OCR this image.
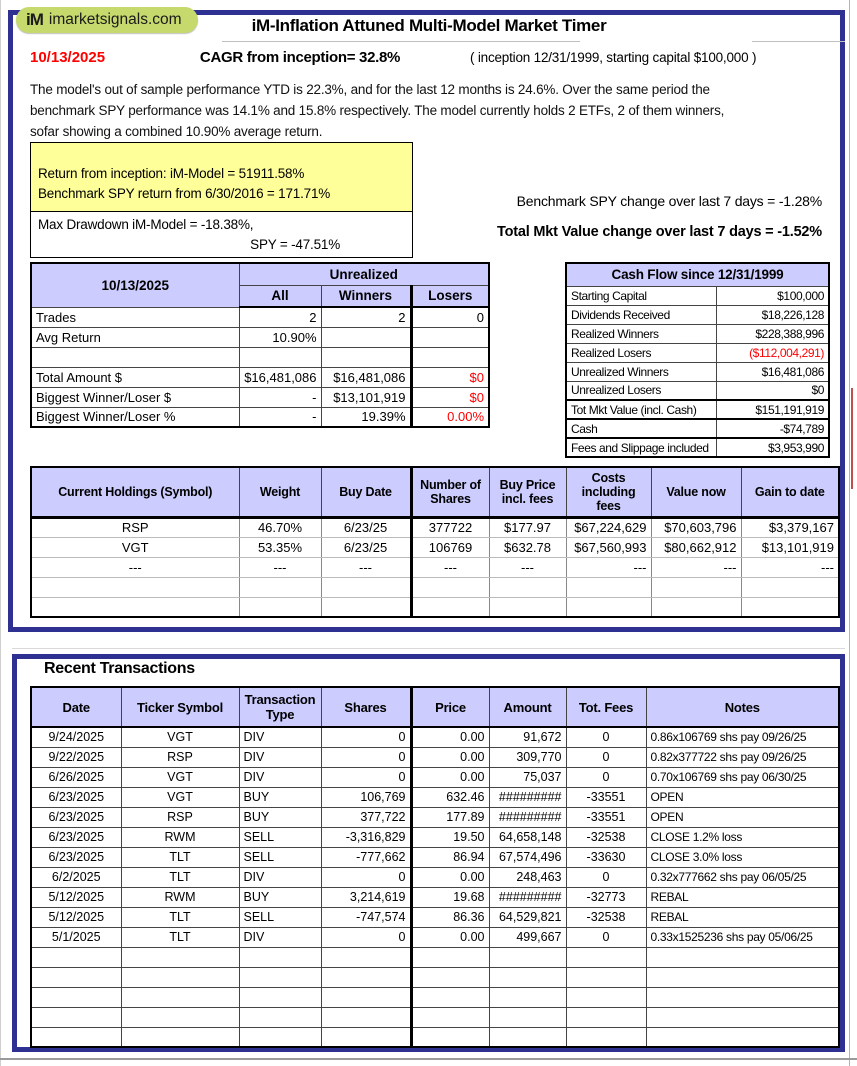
iM imarketsignals.com	iM-Inflation Attuned Multi-Model Market Timer
10/13/2025	CAGR from inception= 32.8%	( inception 12/31/1999, starting capital $100,000 )
The model's out of sample performance YTD is 22.3%, and for the last 12 months is 24.6%. Over the same period the
benchmark SPY performance was 14.1% and 15.8% respectively. The model currently holds 2 ETFs, 2 of them winners,
sofar showing a combined 10.90% average return.
Return from inception: iM-Model = 51911.58%
Benchmark SPY return from 6/30/2016 = 171.71%
Max Drawdown iM-Model = -18.38%,
SPY = -47.51%
Benchmark SPY change over last 7 days = -1.28%
Total Mkt Value change over last 7 days = -1.52%
10/13/2025	Unrealized		
	All	Winners	Losers
Trades	2	2	0
Avg Return	10.90%		

Total Amount $	$16,481,086	$16,481,086	$0
Biggest Winner/Loser $	-	$13,101,919	$0
Biggest Winner/Loser %	-	19.39%	0.00%
Cash Flow since 12/31/1999	
Starting Capital	$100,000
Dividends Received	$18,226,128
Realized Winners	$228,388,996
Realized Losers	($112,004,291)
Unrealized Winners	$16,481,086
Unrealized Losers	$0
Tot Mkt Value (incl. Cash)	$151,191,919
Cash	-$74,789
Fees and Slippage included	$3,953,990
Current Holdings (Symbol)	Weight	Buy Date	Number of Shares	Buy Price incl. fees	Costs including fees	Value now	Gain to date
RSP	46.70%	6/23/25	377722	$177.97	$67,224,629	$70,603,796	$3,379,167
VGT	53.35%	6/23/25	106769	$632.78	$67,560,993	$80,662,912	$13,101,919
---	---	---	---	---	---	---	---

Recent Transactions
Date	Ticker Symbol	Transaction Type	Shares	Price	Amount	Tot. Fees	Notes
9/24/2025	VGT	DIV	0	0.00	91,672	0	0.86x106769 shs pay 09/26/25
9/22/2025	RSP	DIV	0	0.00	309,770	0	0.82x377722 shs pay 09/26/25
6/26/2025	VGT	DIV	0	0.00	75,037	0	0.70x106769 shs pay 06/30/25
6/23/2025	VGT	BUY	106,769	632.46	#########	-33551	OPEN
6/23/2025	RSP	BUY	377,722	177.89	#########	-33551	OPEN
6/23/2025	RWM	SELL	-3,316,829	19.50	64,658,148	-32538	CLOSE 1.2% loss
6/23/2025	TLT	SELL	-777,662	86.94	67,574,496	-33630	CLOSE 3.0% loss
6/2/2025	TLT	DIV	0	0.00	248,463	0	0.32x777662 shs pay 06/05/25
5/12/2025	RWM	BUY	3,214,619	19.68	#########	-32773	REBAL
5/12/2025	TLT	SELL	-747,574	86.36	64,529,821	-32538	REBAL
5/1/2025	TLT	DIV	0	0.00	499,667	0	0.33x1525236 shs pay 05/06/25
